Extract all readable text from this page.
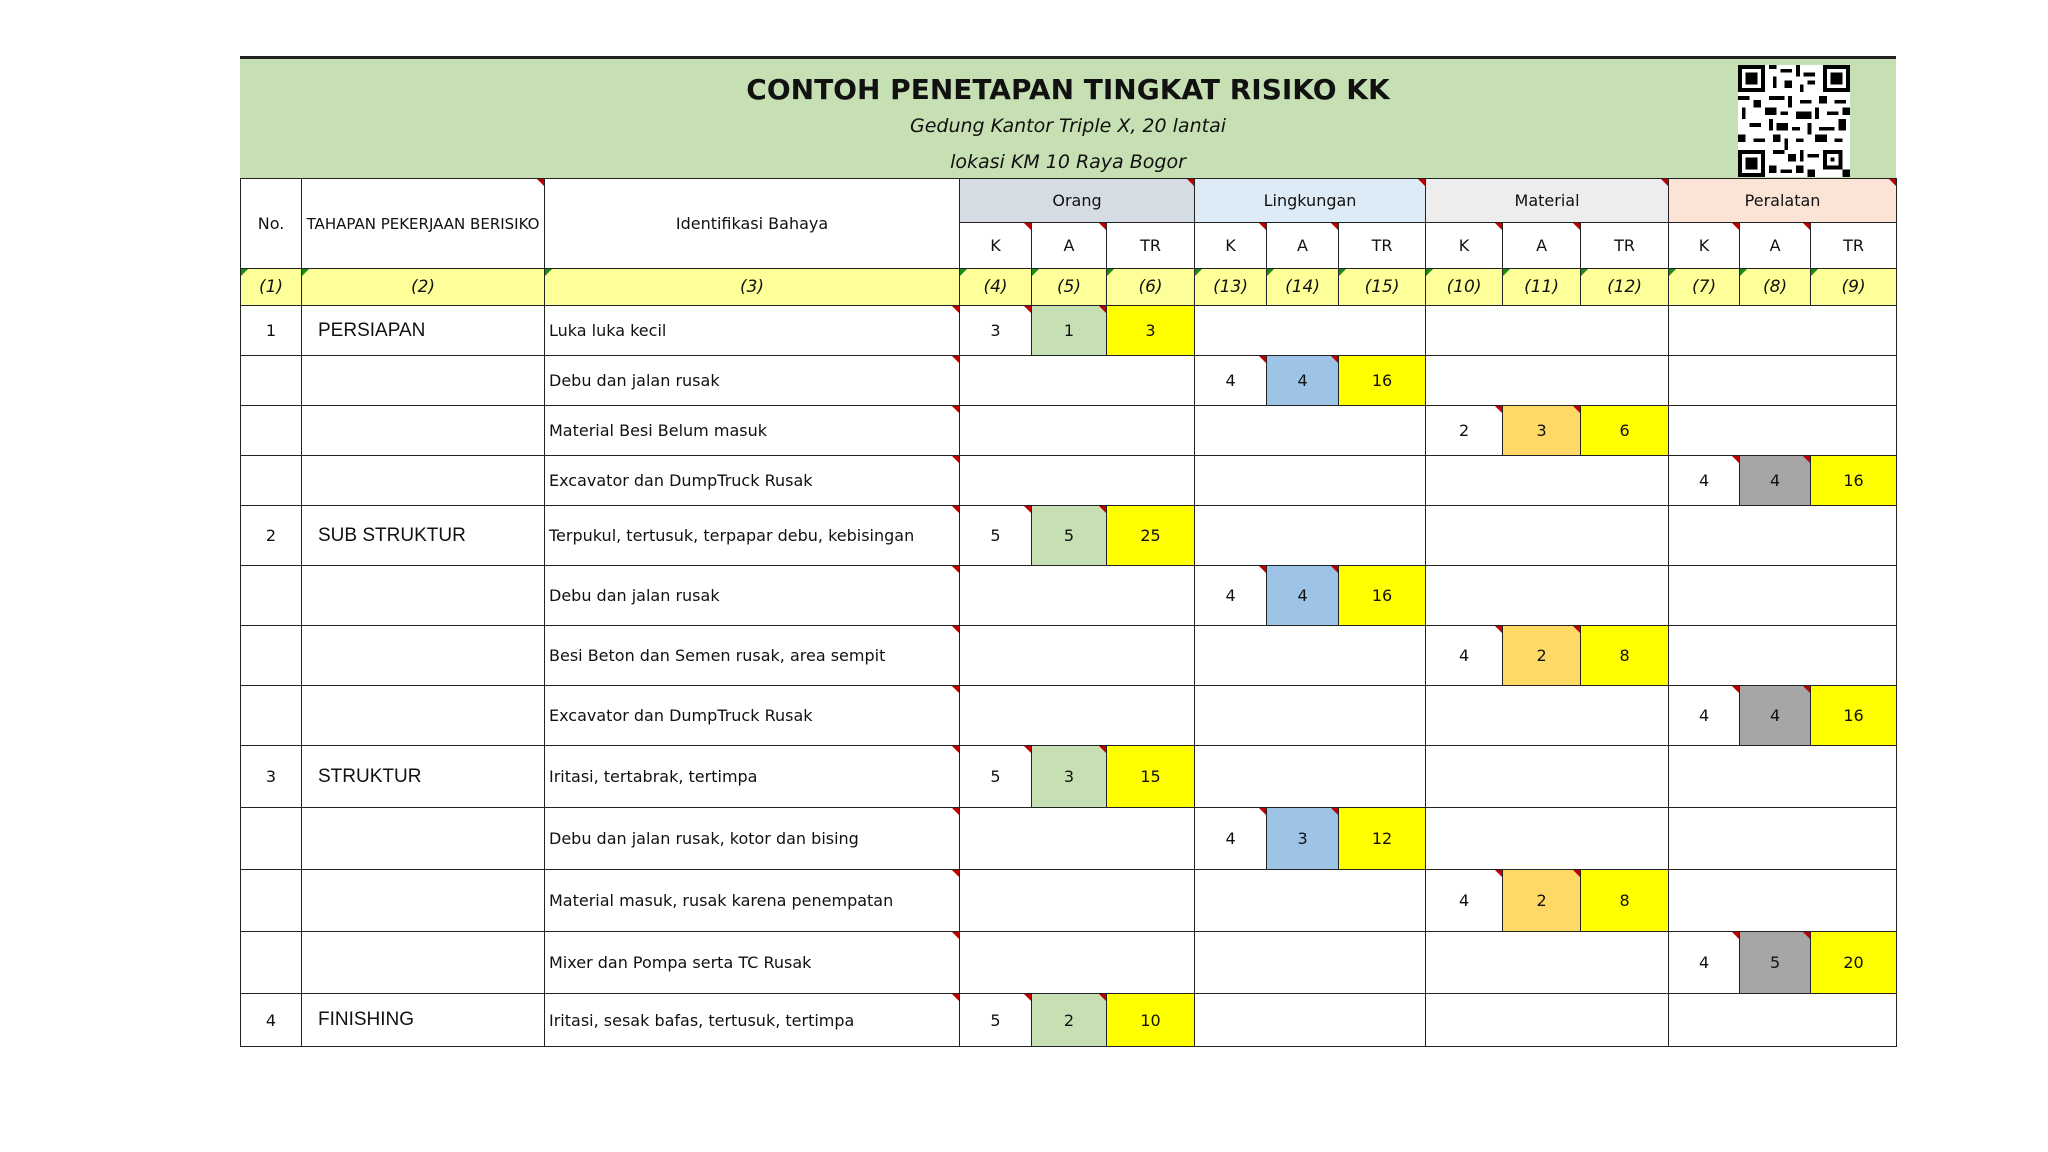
CONTOH PENETAPAN TINGKAT RISIKO KK
Gedung Kantor Triple X, 20 lantai
lokasi KM 10 Raya Bogor
No.	TAHAPAN PEKERJAAN BERISIKO	Identifikasi Bahaya	Orang			Lingkungan			Material			Peralatan		
			K	A	TR	K	A	TR	K	A	TR	K	A	TR
(1)	(2)	(3)	(4)	(5)	(6)	(13)	(14)	(15)	(10)	(11)	(12)	(7)	(8)	(9)
1	PERSIAPAN	Luka luka kecil	3	1	3									
		Debu dan jalan rusak				4	4	16						
		Material Besi Belum masuk							2	3	6			
		Excavator dan DumpTruck Rusak										4	4	16
2	SUB STRUKTUR	Terpukul, tertusuk, terpapar debu, kebisingan	5	5	25									
		Debu dan jalan rusak				4	4	16						
		Besi Beton dan Semen rusak, area sempit							4	2	8			
		Excavator dan DumpTruck Rusak										4	4	16
3	STRUKTUR	Iritasi, tertabrak, tertimpa	5	3	15									
		Debu dan jalan rusak, kotor dan bising				4	3	12						
		Material masuk, rusak karena penempatan							4	2	8			
		Mixer dan Pompa serta TC Rusak										4	5	20
4	FINISHING	Iritasi, sesak bafas, tertusuk, tertimpa	5	2	10									
